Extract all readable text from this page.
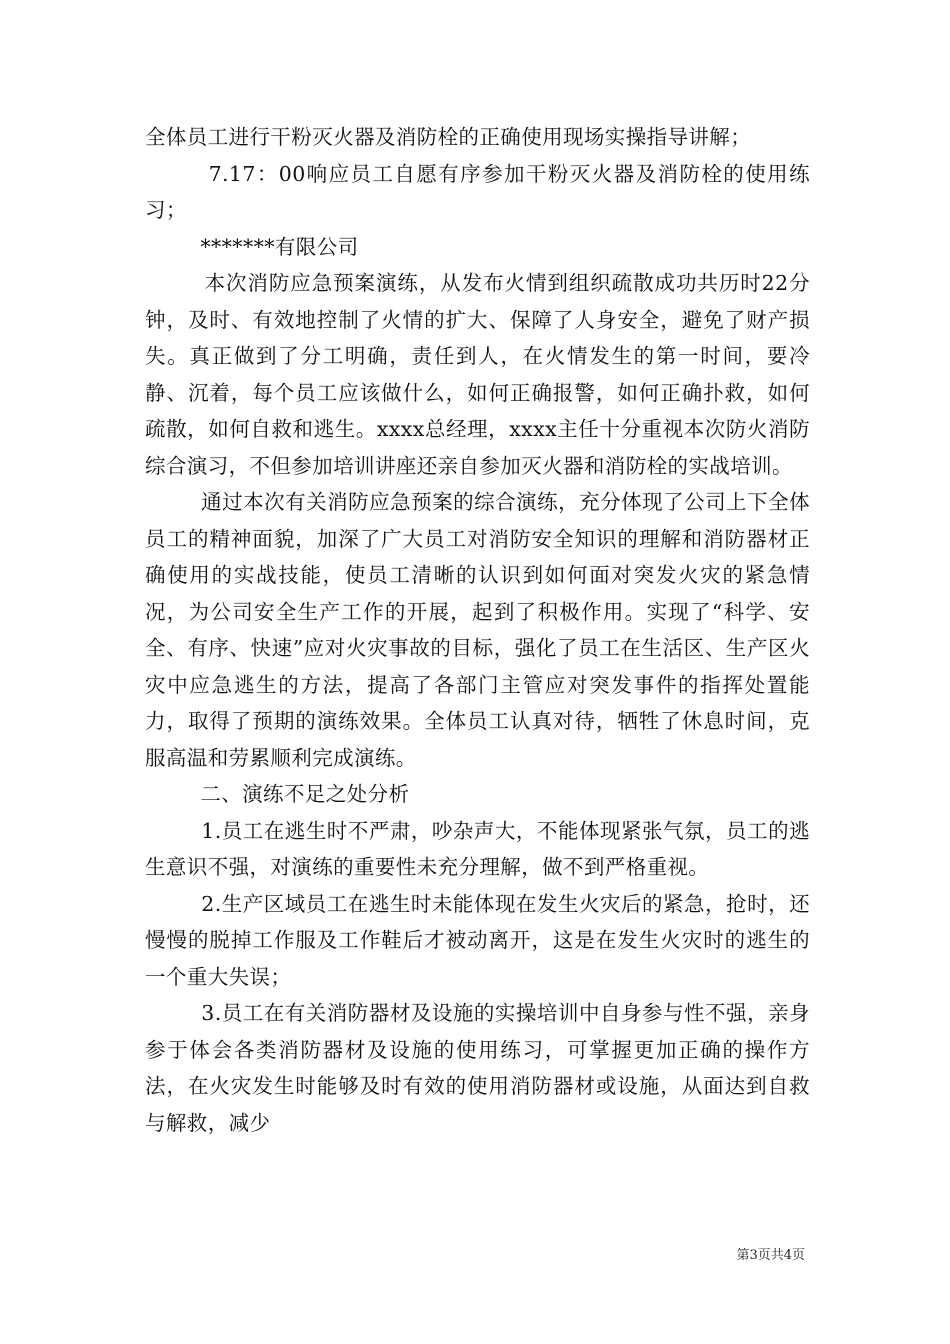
全体员工进行干粉灭火器及消防栓的正确使用现场实操指导讲解；

7.17：00响应员工自愿有序参加干粉灭火器及消防栓的使用练习；

*******有限公司

本次消防应急预案演练，从发布火情到组织疏散成功共历时22分钟，及时、有效地控制了火情的扩大、保障了人身安全，避免了财产损失。真正做到了分工明确，责任到人，在火情发生的第一时间，要冷静、沉着，每个员工应该做什么，如何正确报警，如何正确扑救，如何疏散，如何自救和逃生。xxxx总经理，xxxx主任十分重视本次防火消防综合演习，不但参加培训讲座还亲自参加灭火器和消防栓的实战培训。

通过本次有关消防应急预案的综合演练，充分体现了公司上下全体员工的精神面貌，加深了广大员工对消防安全知识的理解和消防器材正确使用的实战技能，使员工清晰的认识到如何面对突发火灾的紧急情况，为公司安全生产工作的开展，起到了积极作用。实现了“科学、安全、有序、快速”应对火灾事故的目标，强化了员工在生活区、生产区火灾中应急逃生的方法，提高了各部门主管应对突发事件的指挥处置能力，取得了预期的演练效果。全体员工认真对待，牺牲了休息时间，克服高温和劳累顺利完成演练。

二、演练不足之处分析

1.员工在逃生时不严肃，吵杂声大，不能体现紧张气氛，员工的逃生意识不强，对演练的重要性未充分理解，做不到严格重视。

2.生产区域员工在逃生时未能体现在发生火灾后的紧急，抢时，还慢慢的脱掉工作服及工作鞋后才被动离开，这是在发生火灾时的逃生的一个重大失误；

3.员工在有关消防器材及设施的实操培训中自身参与性不强，亲身参于体会各类消防器材及设施的使用练习，可掌握更加正确的操作方法，在火灾发生时能够及时有效的使用消防器材或设施，从面达到自救与解救，减少

第3页共4页
